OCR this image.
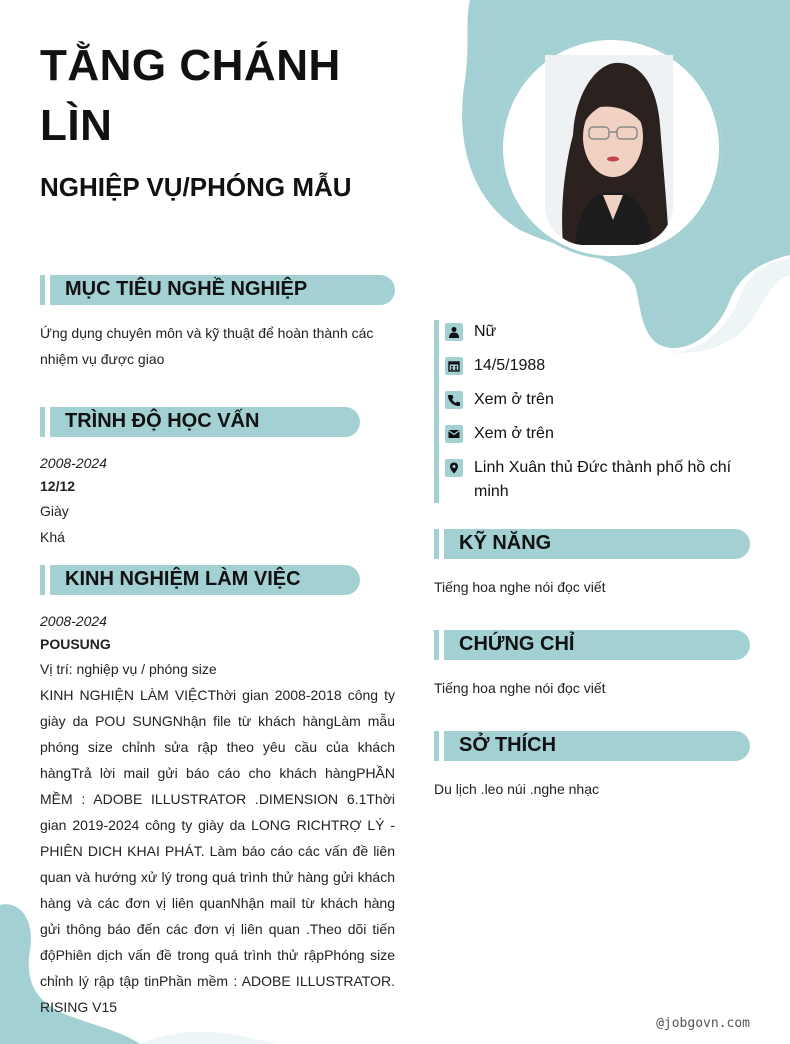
TẰNG CHÁNH LÌN
NGHIỆP VỤ/PHÓNG MẪU
MỤC TIÊU NGHỀ NGHIỆP
Ứng dụng chuyên môn và kỹ thuật để hoàn thành các nhiệm vụ được giao
TRÌNH ĐỘ HỌC VẤN
2008-2024
12/12
Giày
Khá
KINH NGHIỆM LÀM VIỆC
2008-2024
POUSUNG
Vị trí: nghiệp vụ / phóng size
KINH NGHIỆN LÀM VIỆCThời gian 2008-2018 công ty giày da POU SUNGNhận file từ khách hàngLàm mẫu phóng size chỉnh sửa rập theo yêu cầu của khách hàngTrả lời mail gửi báo cáo cho khách hàngPHẦN MỀM : ADOBE ILLUSTRATOR .DIMENSION 6.1Thời gian 2019-2024 công ty giày da LONG RICHTRỢ LÝ -PHIÊN DICH KHAI PHÁT. Làm báo cáo các vấn đề liên quan và hướng xử lý trong quá trình thử hàng gửi khách hàng và các đơn vị liên quanNhận mail từ khách hàng gửi thông báo đến các đơn vị liên quan .Theo dõi tiến độPhiên dịch vấn đề trong quá trình thử rậpPhóng size chỉnh lý rập tập tinPhần mềm : ADOBE ILLUSTRATOR. RISING V15
Nữ
14/5/1988
Xem ở trên
Xem ở trên
Linh Xuân thủ Đức thành phố hồ chí minh
KỸ NĂNG
Tiếng hoa nghe nói đọc viết
CHỨNG CHỈ
Tiếng hoa nghe nói đọc viết
SỞ THÍCH
Du lịch .leo núi .nghe nhạc
@jobgovn.com
